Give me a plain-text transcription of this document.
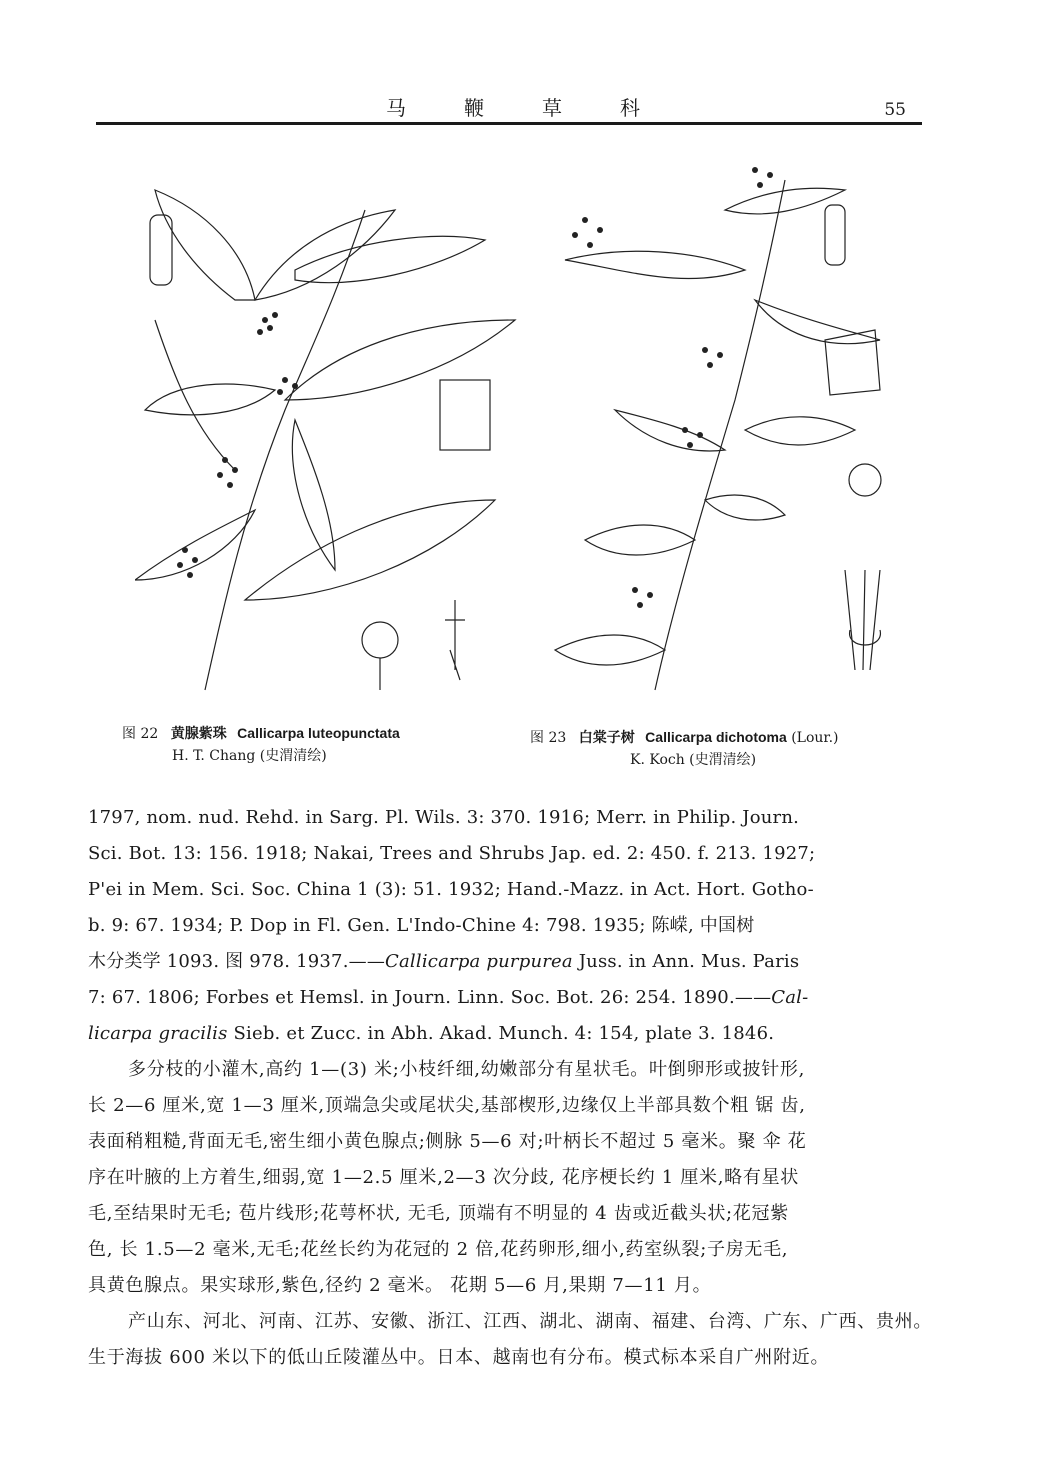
马	鞭	草	科	55
图 22 黄腺紫珠 Callicarpa luteopunctata
H. T. Chang (史渭清绘)
图 23 白棠子树 Callicarpa dichotoma (Lour.)
K. Koch (史渭清绘)
1797, nom. nud. Rehd. in Sarg. Pl. Wils. 3: 370. 1916; Merr. in Philip. Journ.
Sci. Bot. 13: 156. 1918; Nakai, Trees and Shrubs Jap. ed. 2: 450. f. 213. 1927;
P'ei in Mem. Sci. Soc. China 1 (3): 51. 1932; Hand.-Mazz. in Act. Hort. Gotho-
b. 9: 67. 1934; P. Dop in Fl. Gen. L'Indo-Chine 4: 798. 1935; 陈嵘, 中国树
木分类学 1093. 图 978. 1937.——Callicarpa purpurea Juss. in Ann. Mus. Paris
7: 67. 1806; Forbes et Hemsl. in Journ. Linn. Soc. Bot. 26: 254. 1890.——Cal-
licarpa gracilis Sieb. et Zucc. in Abh. Akad. Munch. 4: 154, plate 3. 1846.
多分枝的小灌木,高约 1—(3) 米;小枝纤细,幼嫩部分有星状毛。叶倒卵形或披针形,
长 2—6 厘米,宽 1—3 厘米,顶端急尖或尾状尖,基部楔形,边缘仅上半部具数个粗 锯 齿,
表面稍粗糙,背面无毛,密生细小黄色腺点;侧脉 5—6 对;叶柄长不超过 5 毫米。聚 伞 花
序在叶腋的上方着生,细弱,宽 1—2.5 厘米,2—3 次分歧, 花序梗长约 1 厘米,略有星状
毛,至结果时无毛; 苞片线形;花萼杯状, 无毛, 顶端有不明显的 4 齿或近截头状;花冠紫
色, 长 1.5—2 毫米,无毛;花丝长约为花冠的 2 倍,花药卵形,细小,药室纵裂;子房无毛,
具黄色腺点。果实球形,紫色,径约 2 毫米。 花期 5—6 月,果期 7—11 月。
产山东、河北、河南、江苏、安徽、浙江、江西、湖北、湖南、福建、台湾、广东、广西、贵州。
生于海拔 600 米以下的低山丘陵灌丛中。日本、越南也有分布。模式标本采自广州附近。
